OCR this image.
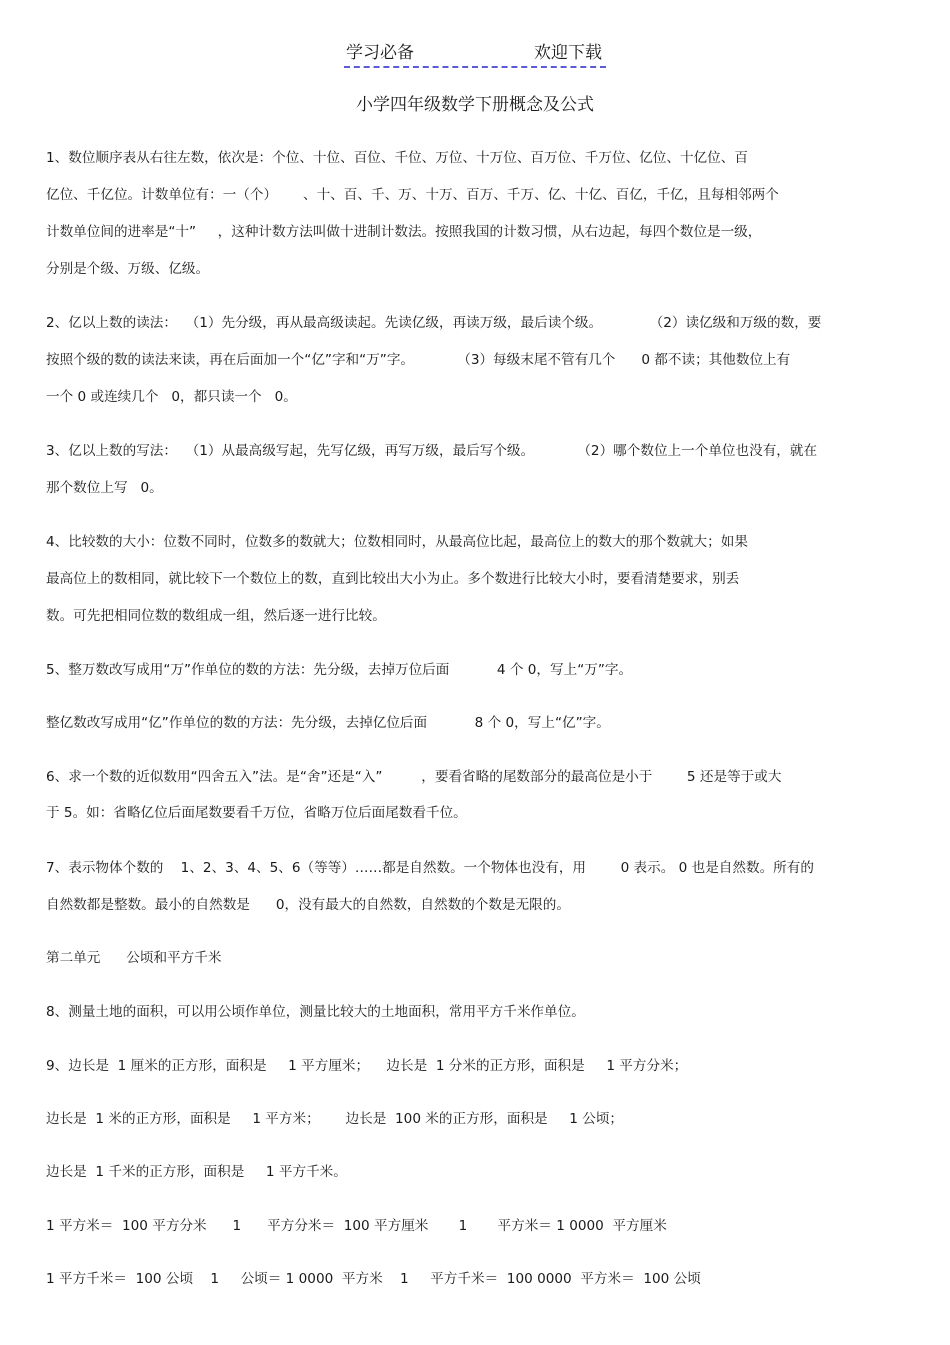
学习必备	欢迎下载
小学四年级数学下册概念及公式
1、数位顺序表从右往左数，依次是：个位、十位、百位、千位、万位、十万位、百万位、千万位、亿位、十亿位、百
亿位、千亿位。计数单位有：一（个）      、十、百、千、万、十万、百万、千万、亿、十亿、百亿，千亿，且每相邻两个
计数单位间的进率是“十”     ，这种计数方法叫做十进制计数法。按照我国的计数习惯，从右边起，每四个数位是一级，
分别是个级、万级、亿级。
2、亿以上数的读法：  （1）先分级，再从最高级读起。先读亿级，再读万级，最后读个级。           （2）读亿级和万级的数，要
按照个级的数的读法来读，再在后面加一个“亿”字和“万”字。          （3）每级末尾不管有几个      0 都不读；其他数位上有
一个 0 或连续几个   0，都只读一个   0。
3、亿以上数的写法：  （1）从最高级写起，先写亿级，再写万级，最后写个级。          （2）哪个数位上一个单位也没有，就在
那个数位上写   0。
4、比较数的大小：位数不同时，位数多的数就大；位数相同时，从最高位比起，最高位上的数大的那个数就大；如果
最高位上的数相同，就比较下一个数位上的数，直到比较出大小为止。多个数进行比较大小时，要看清楚要求，别丢
数。可先把相同位数的数组成一组，然后逐一进行比较。
5、整万数改写成用“万”作单位的数的方法：先分级，去掉万位后面           4 个 0，写上“万”字。
整亿数改写成用“亿”作单位的数的方法：先分级，去掉亿位后面           8 个 0，写上“亿”字。
6、求一个数的近似数用“四舍五入”法。是“舍”还是“入”         ，要看省略的尾数部分的最高位是小于        5 还是等于或大
于 5。如：省略亿位后面尾数要看千万位，省略万位后面尾数看千位。
7、表示物体个数的    1、2、3、4、5、6（等等）……都是自然数。一个物体也没有，用        0 表示。 0 也是自然数。所有的
自然数都是整数。最小的自然数是      0，没有最大的自然数，自然数的个数是无限的。
第二单元      公顷和平方千米
8、测量土地的面积，可以用公顷作单位，测量比较大的土地面积，常用平方千米作单位。
9、边长是  1 厘米的正方形，面积是     1 平方厘米；    边长是  1 分米的正方形，面积是     1 平方分米；
边长是  1 米的正方形，面积是     1 平方米；      边长是  100 米的正方形，面积是     1 公顷；
边长是  1 千米的正方形，面积是     1 平方千米。
1 平方米＝  100 平方分米      1      平方分米＝  100 平方厘米       1       平方米＝ 1 0000  平方厘米
1 平方千米＝  100 公顷    1     公顷＝ 1 0000  平方米    1     平方千米＝  100 0000  平方米＝  100 公顷
